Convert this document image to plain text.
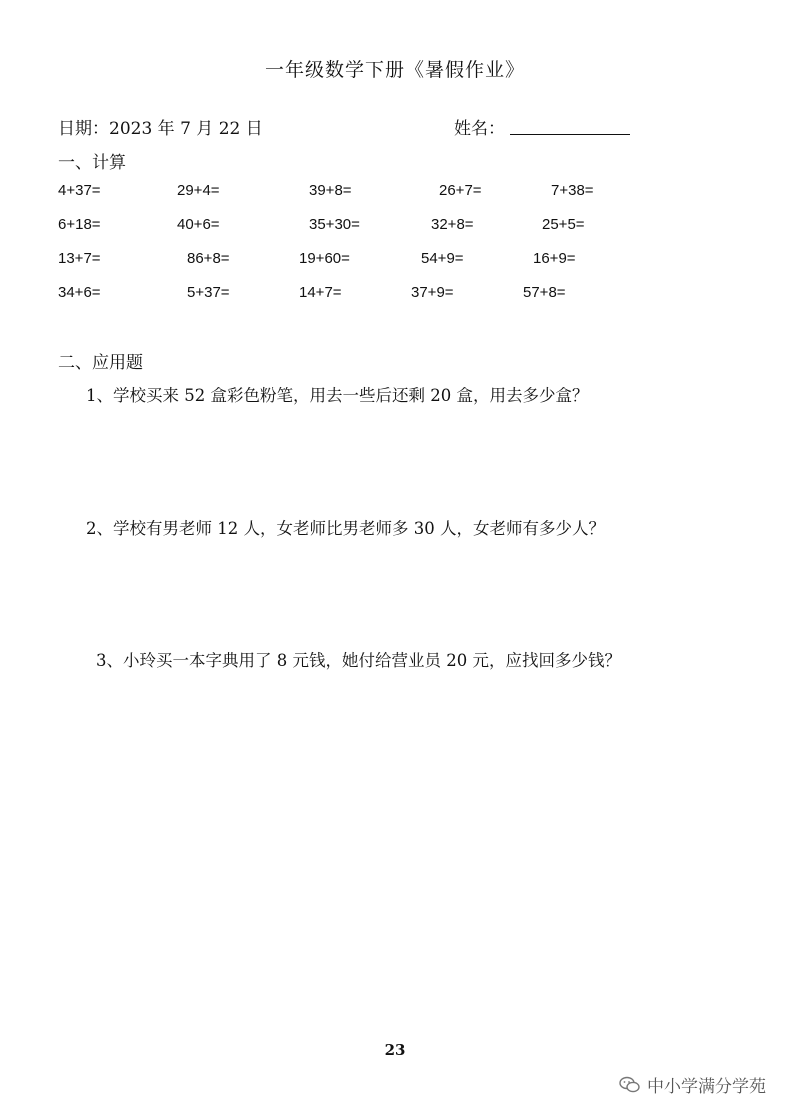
一年级数学下册《暑假作业》
日期：2023 年 7 月 22 日	姓名：
一、计算
4+37=	29+4=	39+8=	26+7=	7+38=
6+18=	40+6=	35+30=	32+8=	25+5=
13+7=	86+8=	19+60=	54+9=	16+9=
34+6=	5+37=	14+7=	37+9=	57+8=
二、应用题
1、学校买来 52 盒彩色粉笔，用去一些后还剩 20 盒，用去多少盒？
2、学校有男老师 12 人，女老师比男老师多 30 人，女老师有多少人？
3、小玲买一本字典用了 8 元钱，她付给营业员 20 元，应找回多少钱？
23
中小学满分学苑
